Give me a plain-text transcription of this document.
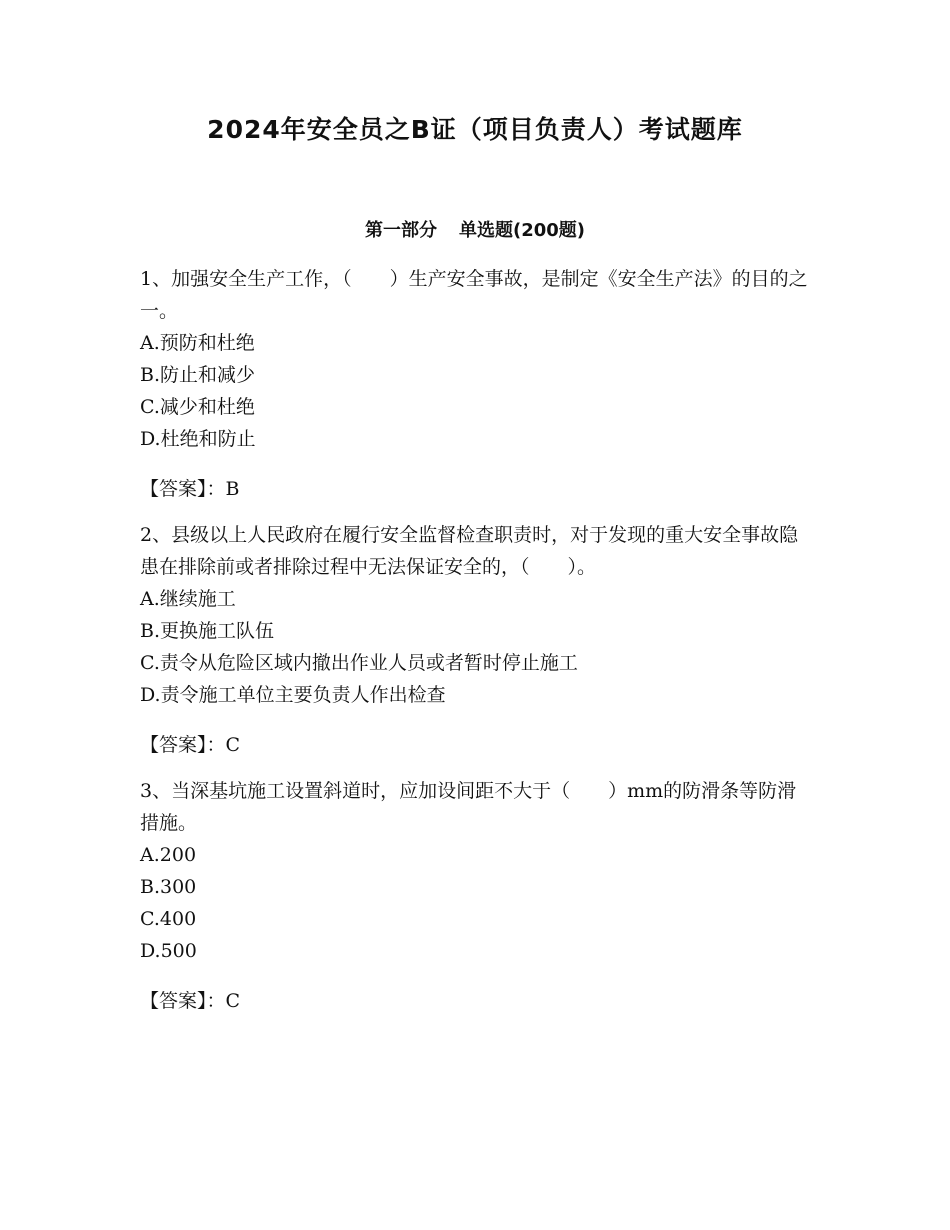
2024年安全员之B证（项目负责人）考试题库
第一部分 单选题(200题)

1、加强安全生产工作，（　　）生产安全事故，是制定《安全生产法》的目的之一。

A.预防和杜绝

B.防止和减少

C.减少和杜绝

D.杜绝和防止

【答案】：B

2、县级以上人民政府在履行安全监督检查职责时，对于发现的重大安全事故隐患在排除前或者排除过程中无法保证安全的，（　　）。

A.继续施工

B.更换施工队伍

C.责令从危险区域内撤出作业人员或者暂时停止施工

D.责令施工单位主要负责人作出检查

【答案】：C

3、当深基坑施工设置斜道时，应加设间距不大于（　　）mm的防滑条等防滑措施。

A.200

B.300

C.400

D.500

【答案】：C
